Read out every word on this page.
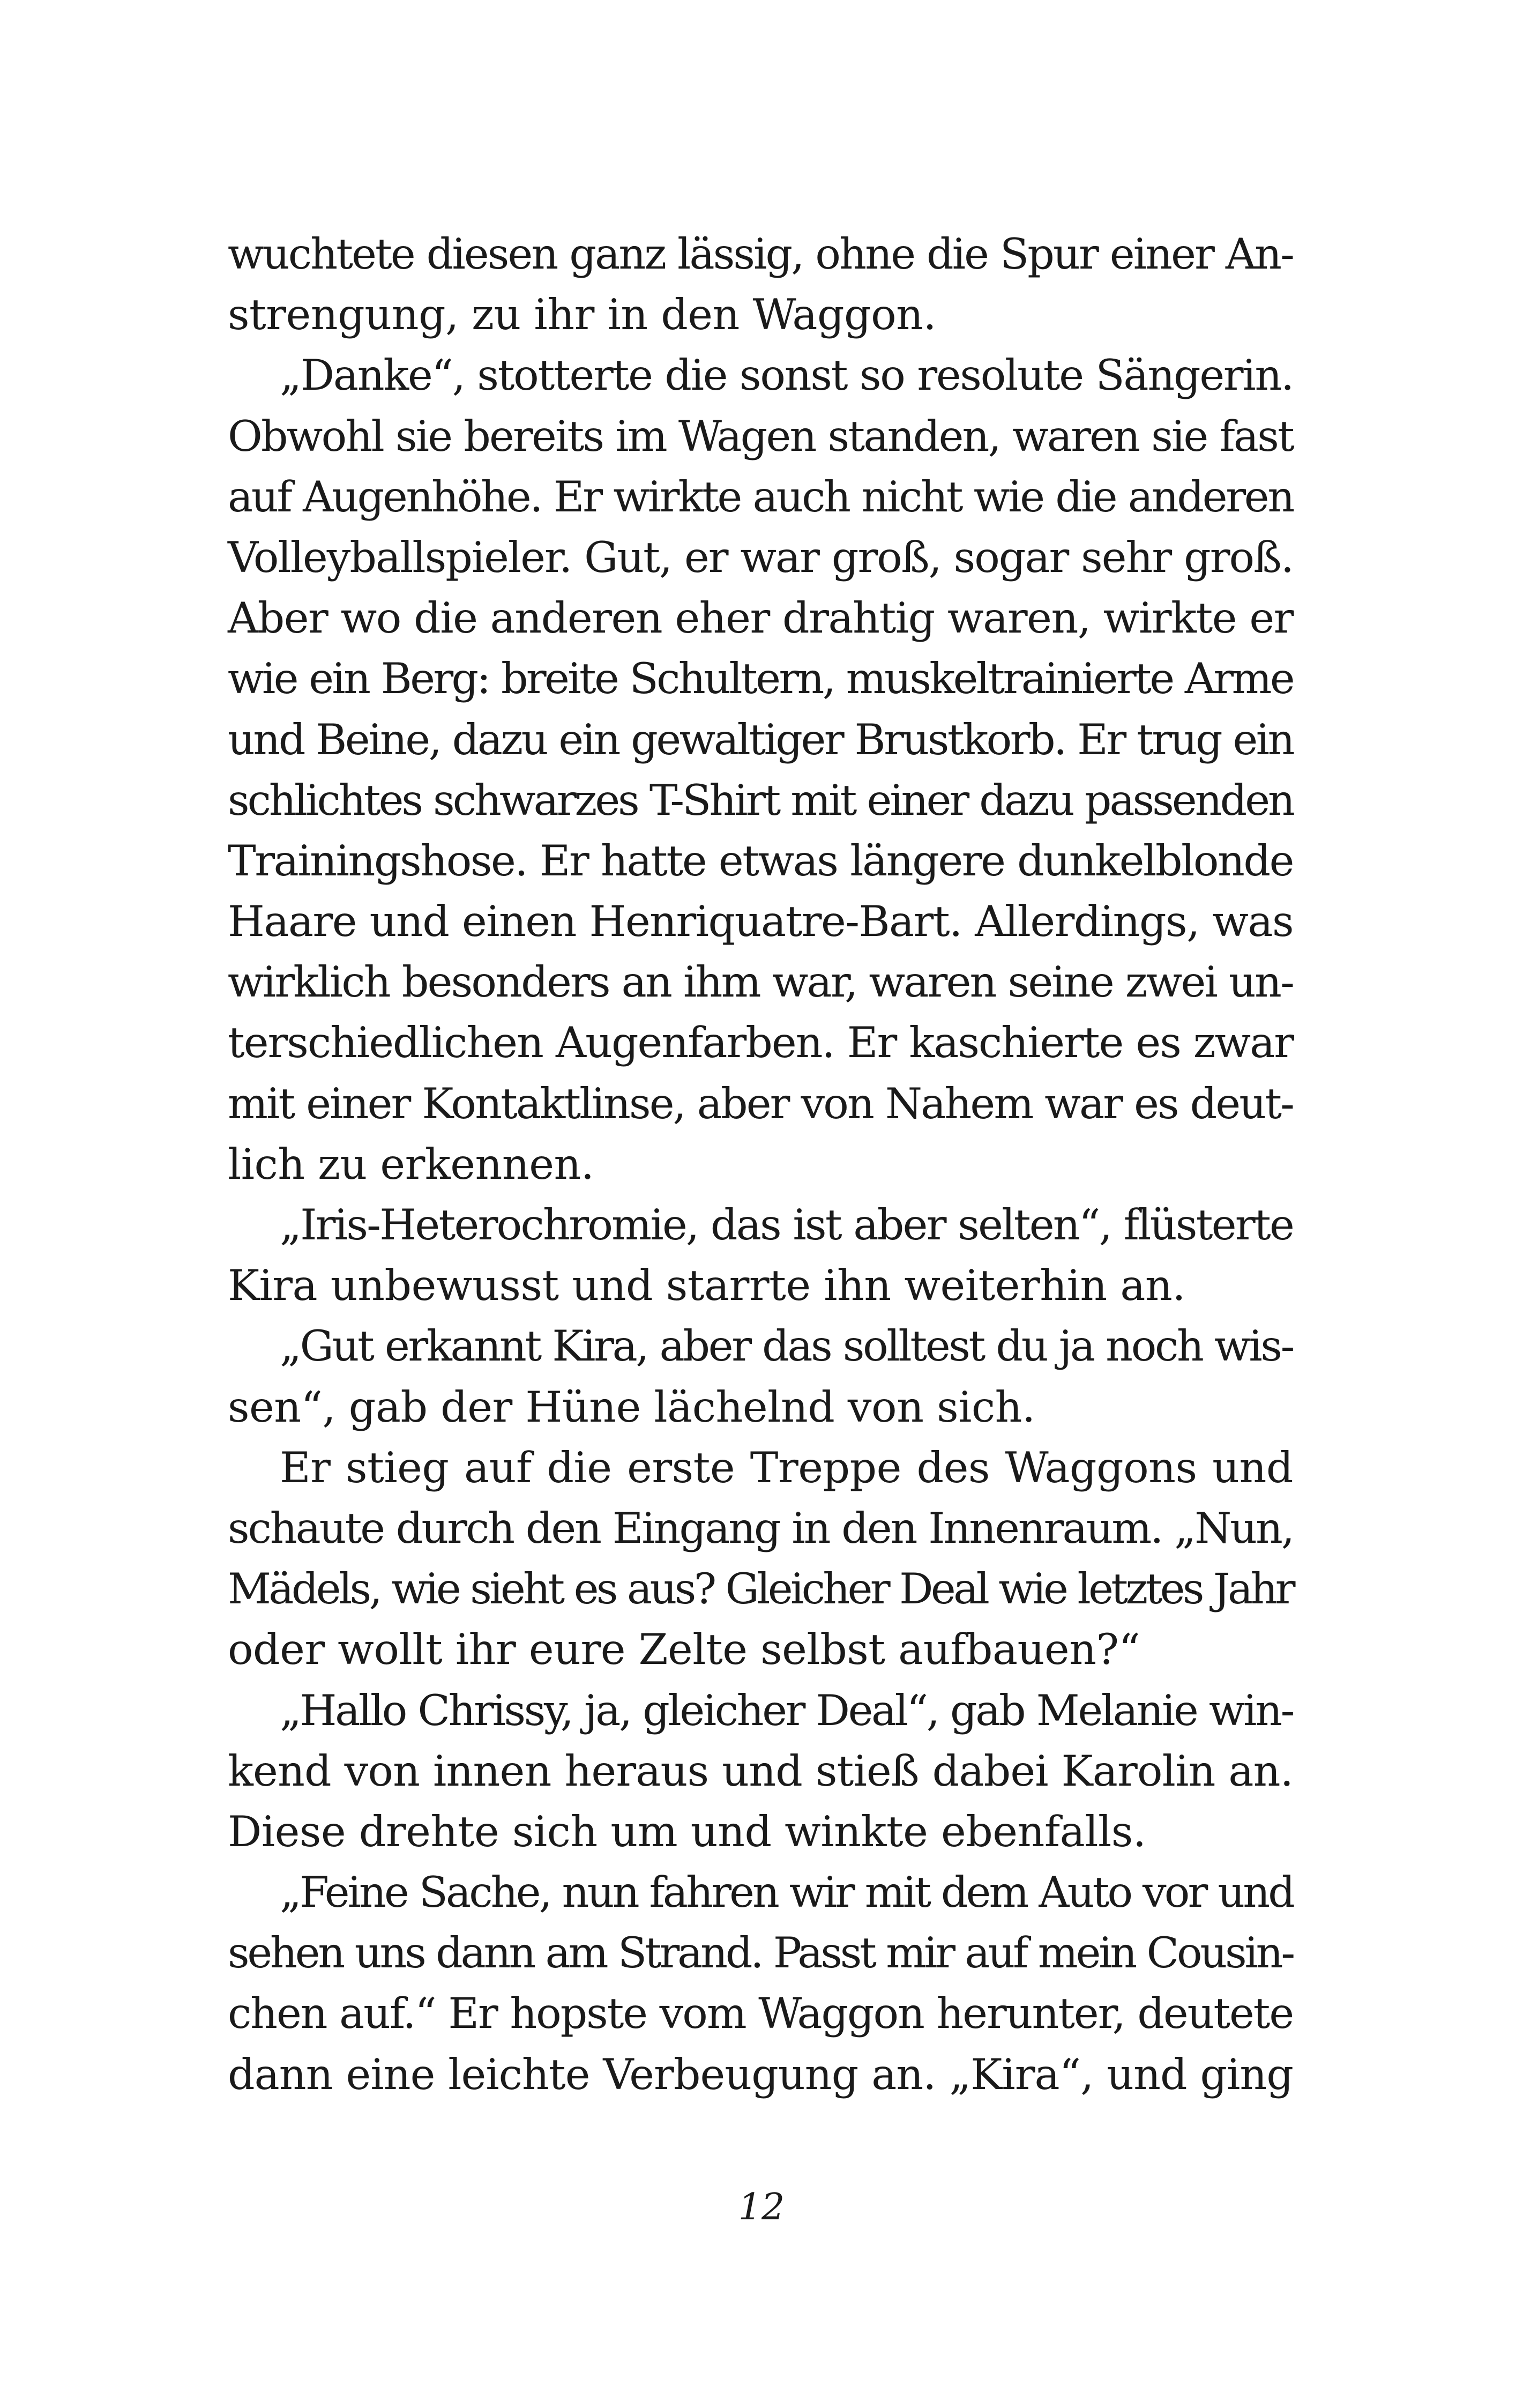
wuchtete diesen ganz lässig, ohne die Spur einer An-
strengung, zu ihr in den Waggon.
„Danke“, stotterte die sonst so resolute Sängerin.
Obwohl sie bereits im Wagen standen, waren sie fast
auf Augenhöhe. Er wirkte auch nicht wie die anderen
Volleyballspieler. Gut, er war groß, sogar sehr groß.
Aber wo die anderen eher drahtig waren, wirkte er
wie ein Berg: breite Schultern, muskeltrainierte Arme
und Beine, dazu ein gewaltiger Brustkorb. Er trug ein
schlichtes schwarzes T-Shirt mit einer dazu passenden
Trainingshose. Er hatte etwas längere dunkelblonde
Haare und einen Henriquatre-Bart. Allerdings, was
wirklich besonders an ihm war, waren seine zwei un-
terschiedlichen Augenfarben. Er kaschierte es zwar
mit einer Kontaktlinse, aber von Nahem war es deut-
lich zu erkennen.
„Iris-Heterochromie, das ist aber selten“, flüsterte
Kira unbewusst und starrte ihn weiterhin an.
„Gut erkannt Kira, aber das solltest du ja noch wis-
sen“, gab der Hüne lächelnd von sich.
Er stieg auf die erste Treppe des Waggons und
schaute durch den Eingang in den Innenraum. „Nun,
Mädels, wie sieht es aus? Gleicher Deal wie letztes Jahr
oder wollt ihr eure Zelte selbst aufbauen?“
„Hallo Chrissy, ja, gleicher Deal“, gab Melanie win-
kend von innen heraus und stieß dabei Karolin an.
Diese drehte sich um und winkte ebenfalls.
„Feine Sache, nun fahren wir mit dem Auto vor und
sehen uns dann am Strand. Passt mir auf mein Cousin-
chen auf.“ Er hopste vom Waggon herunter, deutete
dann eine leichte Verbeugung an. „Kira“, und ging
12
